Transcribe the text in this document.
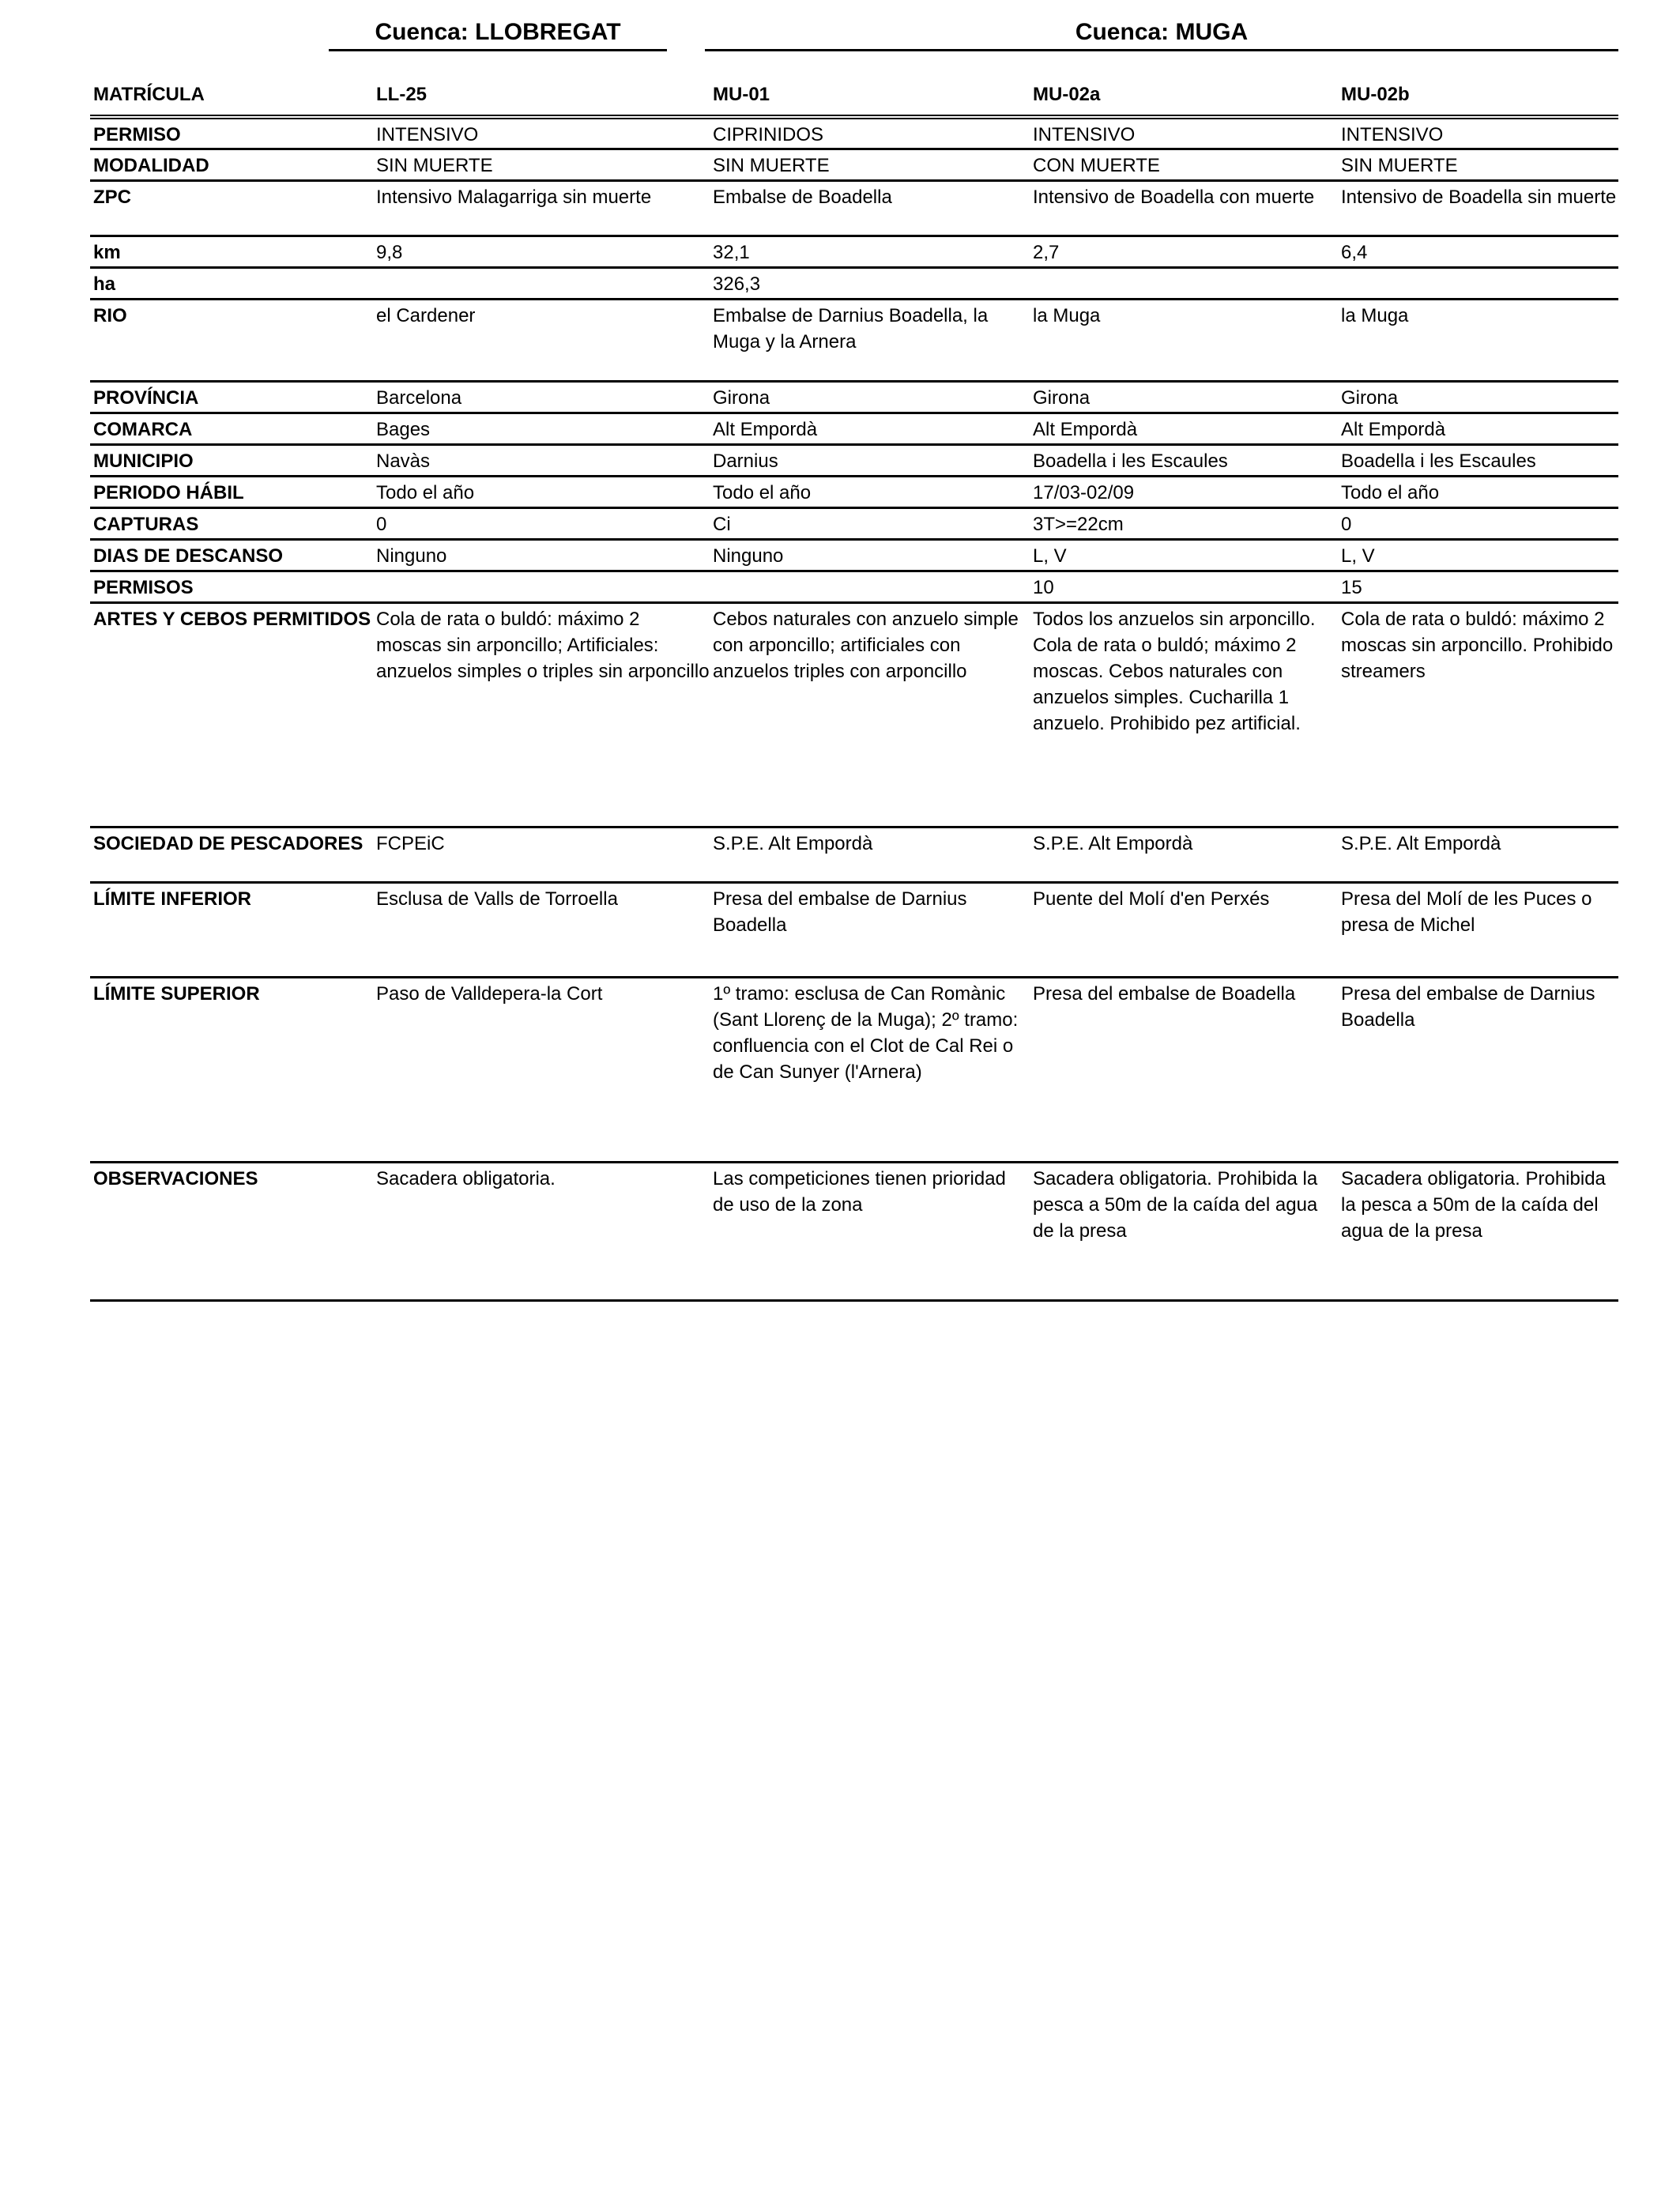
Cuenca: LLOBREGAT	Cuenca: MUGA
MATRÍCULA	LL-25	MU-01	MU-02a	MU-02b
PERMISO	INTENSIVO	CIPRINIDOS	INTENSIVO	INTENSIVO
MODALIDAD	SIN MUERTE	SIN MUERTE	CON MUERTE	SIN MUERTE
ZPC	Intensivo Malagarriga sin muerte	Embalse de Boadella	Intensivo de Boadella con muerte	Intensivo de Boadella sin muerte
km	9,8	32,1	2,7	6,4
ha		326,3		
RIO	el Cardener	Embalse de Darnius Boadella, la Muga y la Arnera	la Muga	la Muga
PROVÍNCIA	Barcelona	Girona	Girona	Girona
COMARCA	Bages	Alt Empordà	Alt Empordà	Alt Empordà
MUNICIPIO	Navàs	Darnius	Boadella i les Escaules	Boadella i les Escaules
PERIODO HÁBIL	Todo el año	Todo el año	17/03-02/09	Todo el año
CAPTURAS	0	Ci	3T>=22cm	0
DIAS DE DESCANSO	Ninguno	Ninguno	L, V	L, V
PERMISOS			10	15
ARTES Y CEBOS PERMITIDOS	Cola de rata o buldó: máximo 2 moscas sin arponcillo; Artificiales: anzuelos simples o triples sin arponcillo	Cebos naturales con anzuelo simple con arponcillo; artificiales con anzuelos triples con arponcillo	Todos los anzuelos sin arponcillo. Cola de rata o buldó; máximo 2 moscas. Cebos naturales con anzuelos simples. Cucharilla 1 anzuelo. Prohibido pez artificial.	Cola de rata o buldó: máximo 2 moscas sin arponcillo. Prohibido streamers
SOCIEDAD DE PESCADORES	FCPEiC	S.P.E. Alt Empordà	S.P.E. Alt Empordà	S.P.E. Alt Empordà
LÍMITE INFERIOR	Esclusa de Valls de Torroella	Presa del embalse de Darnius Boadella	Puente del Molí d'en Perxés	Presa del Molí de les Puces o presa de Michel
LÍMITE SUPERIOR	Paso de Valldepera-la Cort	1º tramo: esclusa de Can Romànic (Sant Llorenç de la Muga); 2º tramo: confluencia con el Clot de Cal Rei o de Can Sunyer (l'Arnera)	Presa del embalse de Boadella	Presa del embalse de Darnius Boadella
OBSERVACIONES	Sacadera obligatoria.	Las competiciones tienen prioridad de uso de la zona	Sacadera obligatoria. Prohibida la pesca a 50m de la caída del agua de la presa	Sacadera obligatoria. Prohibida la pesca a 50m de la caída del agua de la presa
